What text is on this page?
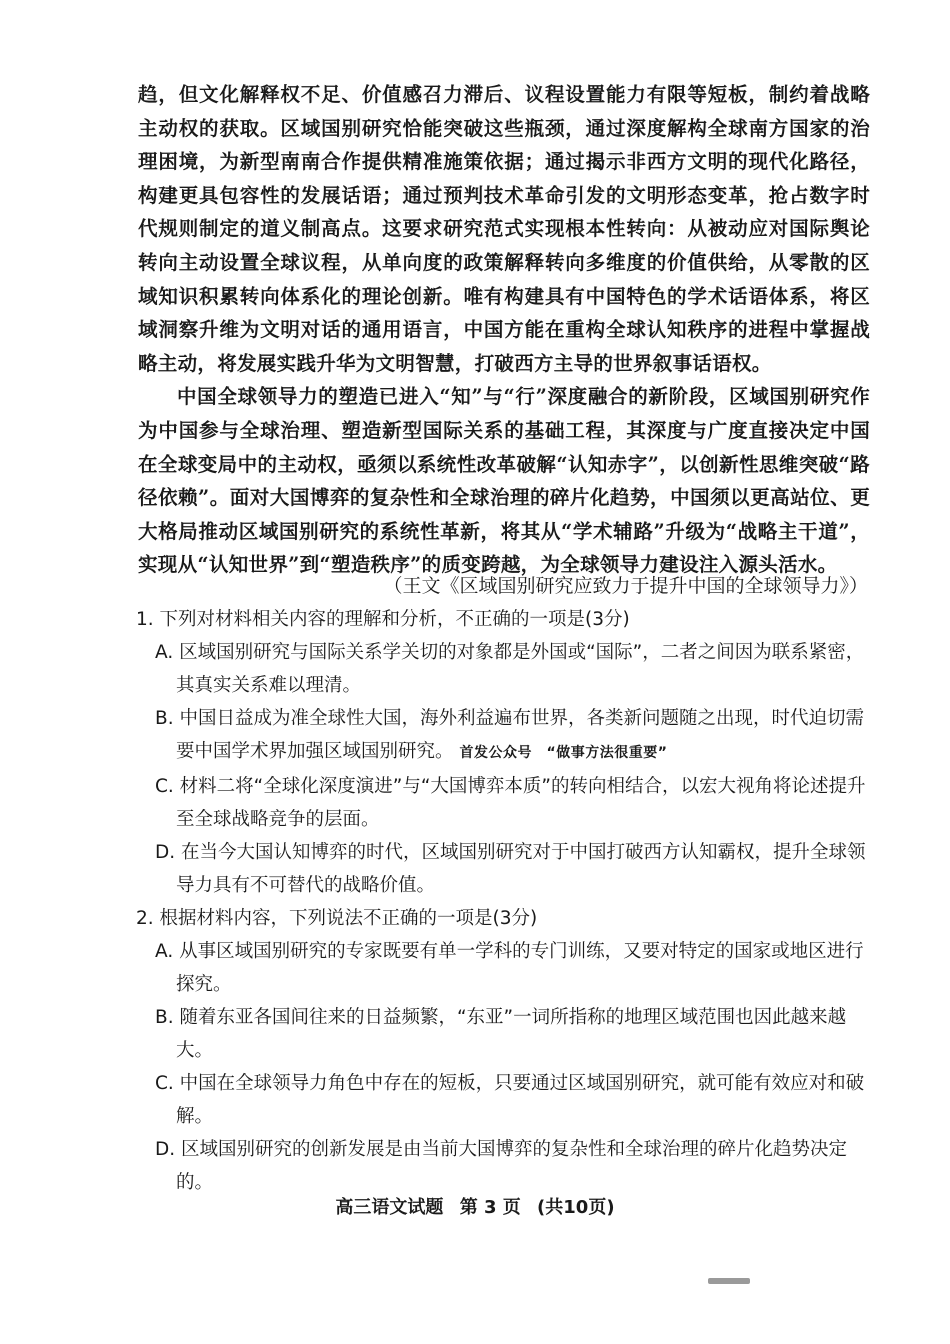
趋，但文化解释权不足、价值感召力滞后、议程设置能力有限等短板，制约着战略主动权的获取。区域国别研究恰能突破这些瓶颈，通过深度解构全球南方国家的治理困境，为新型南南合作提供精准施策依据；通过揭示非西方文明的现代化路径，构建更具包容性的发展话语；通过预判技术革命引发的文明形态变革，抢占数字时代规则制定的道义制高点。这要求研究范式实现根本性转向：从被动应对国际舆论转向主动设置全球议程，从单向度的政策解释转向多维度的价值供给，从零散的区域知识积累转向体系化的理论创新。唯有构建具有中国特色的学术话语体系，将区域洞察升维为文明对话的通用语言，中国方能在重构全球认知秩序的进程中掌握战略主动，将发展实践升华为文明智慧，打破西方主导的世界叙事话语权。

中国全球领导力的塑造已进入“知”与“行”深度融合的新阶段，区域国别研究作为中国参与全球治理、塑造新型国际关系的基础工程，其深度与广度直接决定中国在全球变局中的主动权，亟须以系统性改革破解“认知赤字”，以创新性思维突破“路径依赖”。面对大国博弈的复杂性和全球治理的碎片化趋势，中国须以更高站位、更大格局推动区域国别研究的系统性革新，将其从“学术辅路”升级为“战略主干道”，实现从“认知世界”到“塑造秩序”的质变跨越，为全球领导力建设注入源头活水。

（王文《区域国别研究应致力于提升中国的全球领导力》）
1. 下列对材料相关内容的理解和分析，不正确的一项是(3分)
A. 区域国别研究与国际关系学关切的对象都是外国或“国际”，二者之间因为联系紧密，其真实关系难以理清。
B. 中国日益成为准全球性大国，海外利益遍布世界，各类新问题随之出现，时代迫切需要中国学术界加强区域国别研究。 首发公众号　“做事方法很重要”
C. 材料二将“全球化深度演进”与“大国博弈本质”的转向相结合，以宏大视角将论述提升至全球战略竞争的层面。
D. 在当今大国认知博弈的时代，区域国别研究对于中国打破西方认知霸权，提升全球领导力具有不可替代的战略价值。
2. 根据材料内容，下列说法不正确的一项是(3分)
A. 从事区域国别研究的专家既要有单一学科的专门训练，又要对特定的国家或地区进行探究。
B. 随着东亚各国间往来的日益频繁，“东亚”一词所指称的地理区域范围也因此越来越大。
C. 中国在全球领导力角色中存在的短板，只要通过区域国别研究，就可能有效应对和破解。
D. 区域国别研究的创新发展是由当前大国博弈的复杂性和全球治理的碎片化趋势决定的。
高三语文试题 第 3 页 (共10页)
